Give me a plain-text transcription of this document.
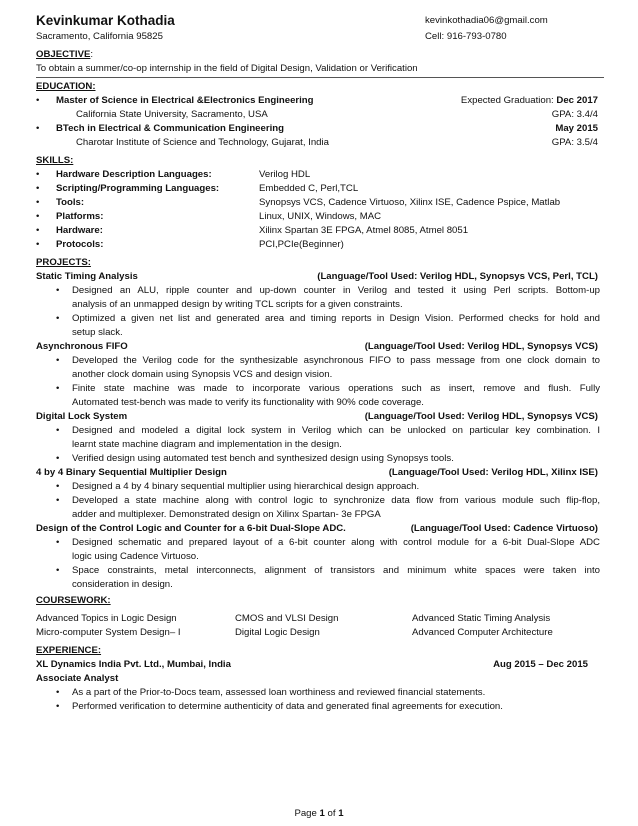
Kevinkumar Kothadia	kevinkothadia06@gmail.com
Sacramento, California 95825	Cell: 916-793-0780
OBJECTIVE:
To obtain a summer/co-op internship in the field of Digital Design, Validation or Verification
EDUCATION:
• Master of Science in Electrical &Electronics Engineering	Expected Graduation: Dec 2017
California State University, Sacramento, USA	GPA: 3.4/4
• BTech in Electrical & Communication Engineering	May 2015
Charotar Institute of Science and Technology, Gujarat, India	GPA: 3.5/4
SKILLS:
• Hardware Description Languages:	Verilog HDL
• Scripting/Programming Languages:	Embedded C, Perl,TCL
• Tools:	Synopsys VCS, Cadence Virtuoso, Xilinx ISE, Cadence Pspice, Matlab
• Platforms:	Linux, UNIX, Windows, MAC
• Hardware:	Xilinx Spartan 3E FPGA, Atmel 8085, Atmel 8051
• Protocols:	PCI,PCIe(Beginner)
PROJECTS:
Static Timing Analysis	(Language/Tool Used: Verilog HDL, Synopsys VCS, Perl, TCL)
• Designed an ALU, ripple counter and up-down counter in Verilog and tested it using Perl scripts. Bottom-up
analysis of an unmapped design by writing TCL scripts for a given constraints.
• Optimized a given net list and generated area and timing reports in Design Vision. Performed checks for hold and
setup slack.
Asynchronous FIFO	(Language/Tool Used: Verilog HDL, Synopsys VCS)
• Developed the Verilog code for the synthesizable asynchronous FIFO to pass message from one clock domain to
another clock domain using Synopsis VCS and design vision.
• Finite state machine was made to incorporate various operations such as insert, remove and flush. Fully
Automated test-bench was made to verify its functionality with 90% code coverage.
Digital Lock System	(Language/Tool Used: Verilog HDL, Synopsys VCS)
• Designed and modeled a digital lock system in Verilog which can be unlocked on particular key combination. I
learnt state machine diagram and implementation in the design.
• Verified design using automated test bench and synthesized design using Synopsys tools.
4 by 4 Binary Sequential Multiplier Design	(Language/Tool Used: Verilog HDL, Xilinx ISE)
• Designed a 4 by 4 binary sequential multiplier using hierarchical design approach.
• Developed a state machine along with control logic to synchronize data flow from various module such flip-flop,
adder and multiplexer. Demonstrated design on Xilinx Spartan- 3e FPGA
Design of the Control Logic and Counter for a 6-bit Dual-Slope ADC.	(Language/Tool Used: Cadence Virtuoso)
• Designed schematic and prepared layout of a 6-bit counter along with control module for a 6-bit Dual-Slope ADC
logic using Cadence Virtuoso.
• Space constraints, metal interconnects, alignment of transistors and minimum white spaces were taken into
consideration in design.
COURSEWORK:
Advanced Topics in Logic Design	CMOS and VLSI Design	Advanced Static Timing Analysis
Micro-computer System Design– I	Digital Logic Design	Advanced Computer Architecture
EXPERIENCE:
XL Dynamics India Pvt. Ltd., Mumbai, India	Aug 2015 – Dec 2015
Associate Analyst
• As a part of the Prior-to-Docs team, assessed loan worthiness and reviewed financial statements.
• Performed verification to determine authenticity of data and generated final agreements for execution.
Page 1 of 1
